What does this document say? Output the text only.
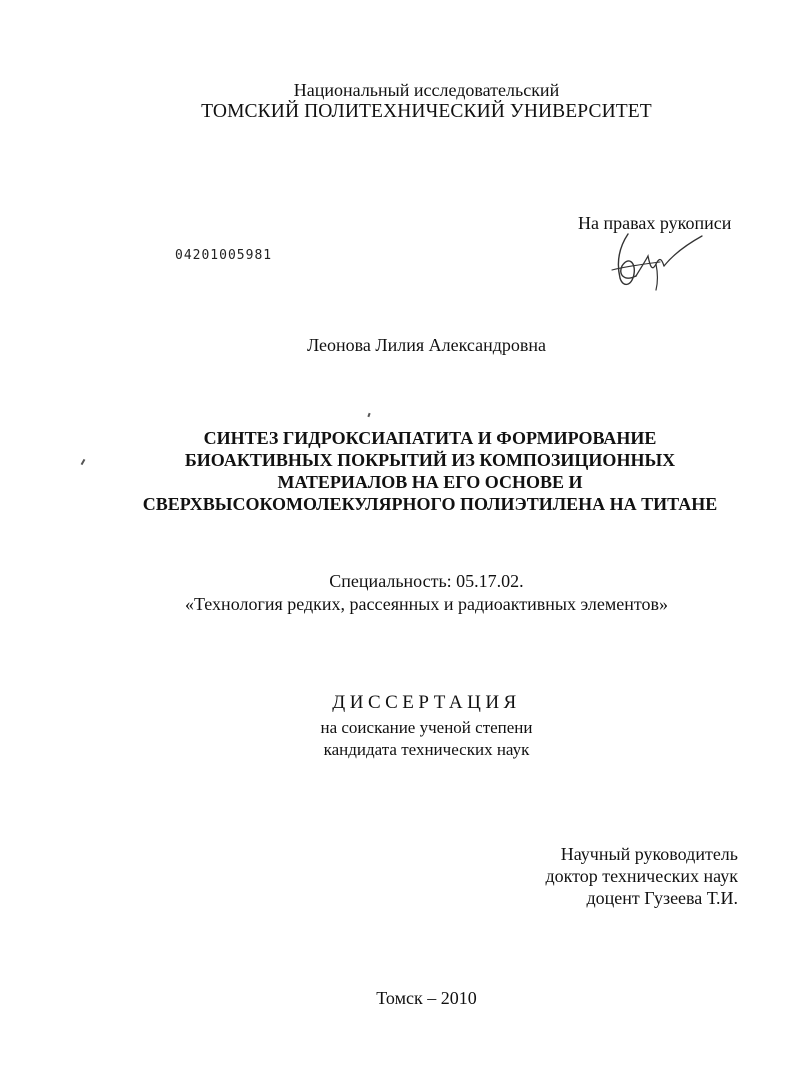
Национальный исследовательский
ТОМСКИЙ ПОЛИТЕХНИЧЕСКИЙ УНИВЕРСИТЕТ
На правах рукописи
04201005981
Леонова Лилия Александровна
СИНТЕЗ ГИДРОКСИАПАТИТА И ФОРМИРОВАНИЕ
БИОАКТИВНЫХ ПОКРЫТИЙ ИЗ КОМПОЗИЦИОННЫХ
МАТЕРИАЛОВ НА ЕГО ОСНОВЕ И
СВЕРХВЫСОКОМОЛЕКУЛЯРНОГО ПОЛИЭТИЛЕНА НА ТИТАНЕ
Специальность: 05.17.02.
«Технология редких, рассеянных и радиоактивных элементов»
ДИССЕРТАЦИЯ
на соискание ученой степени
кандидата технических наук
Научный руководитель
доктор технических наук
доцент Гузеева Т.И.
Томск – 2010
